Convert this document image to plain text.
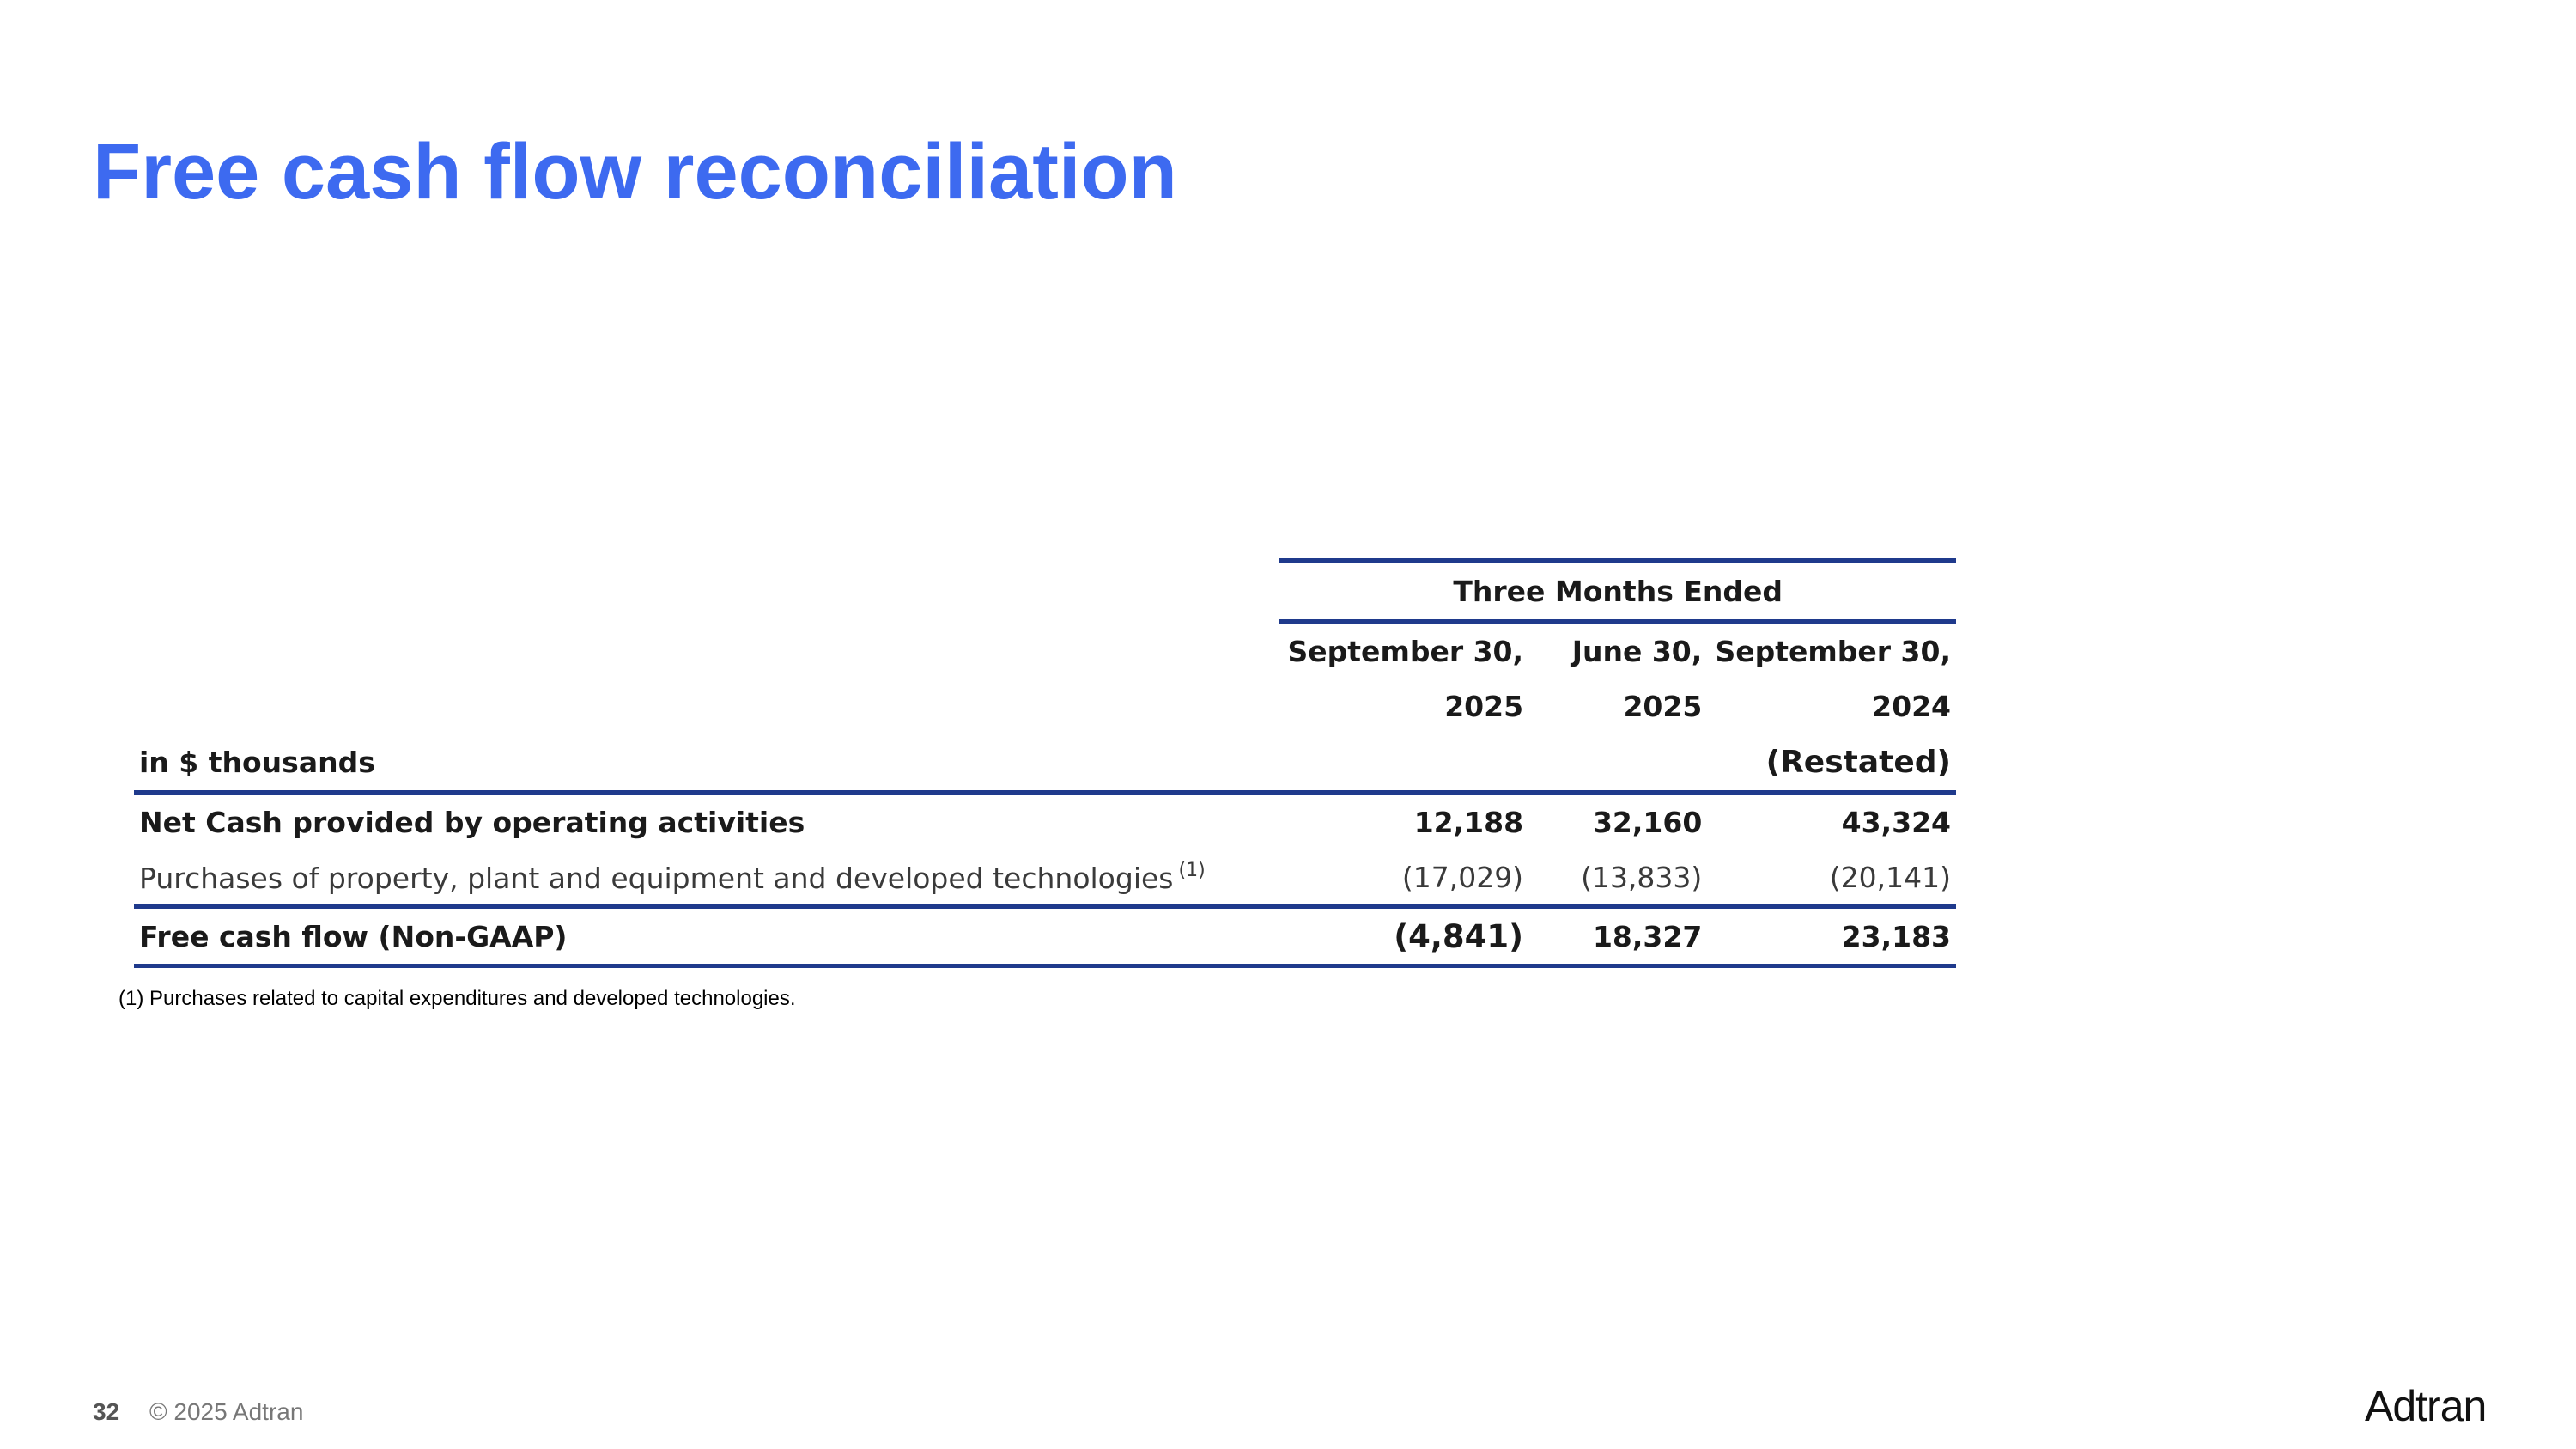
Free cash flow reconciliation
	Three Months Ended		
	September 30,	June 30,	September 30,
	2025	2025	2024
in $ thousands			(Restated)
Net Cash provided by operating activities	12,188	32,160	43,324
Purchases of property, plant and equipment and developed technologies $^{(1)}$	(17,029)	(13,833)	(20,141)
Free cash flow (Non-GAAP)	(4,841)	18,327	23,183

(1) Purchases related to capital expenditures and developed technologies.

32 © 2025 Adtran	Adtran
